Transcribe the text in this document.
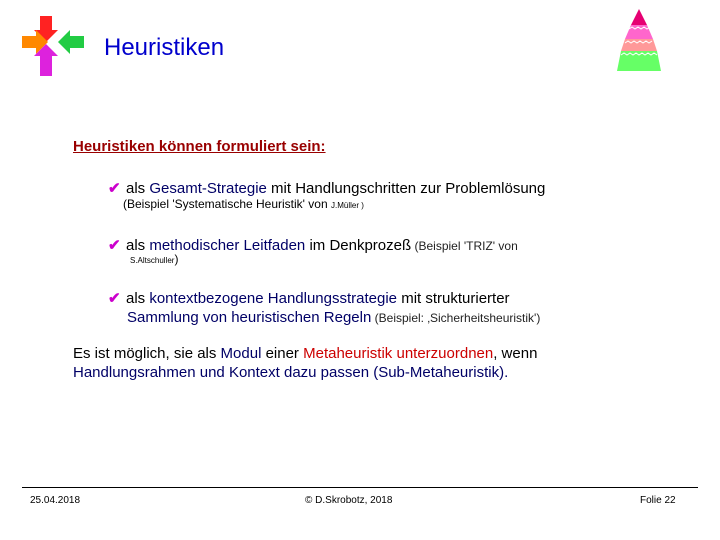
Heuristiken
Heuristiken können formuliert sein:
✔ als Gesamt-Strategie mit Handlungschritten zur Problemlösung
(Beispiel 'Systematische Heuristik' von J.Müller )
✔ als methodischer Leitfaden im Denkprozeß (Beispiel 'TRIZ' von
S.Altschuller)
✔ als kontextbezogene Handlungsstrategie mit strukturierter
Sammlung von heuristischen Regeln (Beispiel: ‚Sicherheitsheuristik')
Es ist möglich, sie als Modul einer Metaheuristik unterzuordnen, wenn
Handlungsrahmen und Kontext dazu passen (Sub-Metaheuristik).
25.04.2018	© D.Skrobotz, 2018	Folie 22
